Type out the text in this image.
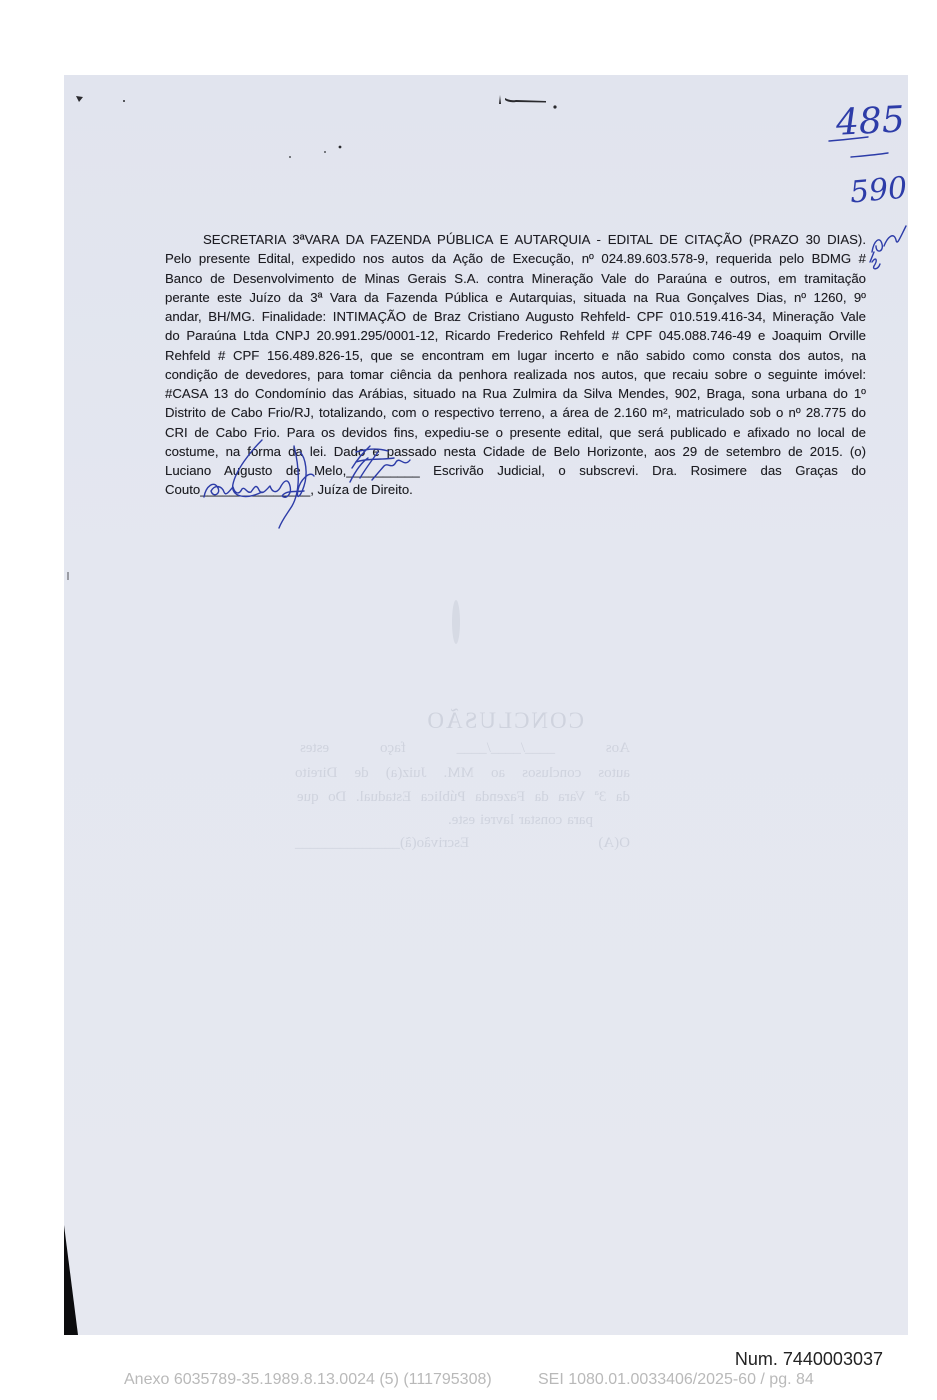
CONCLUSÃO
Aos ____/____/____ faço estes
autos conclusos ao MM. Juiz(a) de Direito
da 3ª Vara da Fazenda Pública Estadual. Do que
para constar lavrei este.
O(A) Escrivão(ã)______________
SECRETARIA 3ªVARA DA FAZENDA PÚBLICA E AUTARQUIA - EDITAL DE CITAÇÃO (PRAZO 30 DIAS).
Pelo presente Edital, expedido nos autos da Ação de Execução, nº 024.89.603.578-9, requerida pelo BDMG #
Banco de Desenvolvimento de Minas Gerais S.A. contra Mineração Vale do Paraúna e outros, em tramitação
perante este Juízo da 3ª Vara da Fazenda Pública e Autarquias, situada na Rua Gonçalves Dias, nº 1260, 9º
andar, BH/MG. Finalidade: INTIMAÇÃO de Braz Cristiano Augusto Rehfeld- CPF 010.519.416-34, Mineração Vale
do Paraúna Ltda CNPJ 20.991.295/0001-12, Ricardo Frederico Rehfeld # CPF 045.088.746-49 e Joaquim Orville
Rehfeld # CPF 156.489.826-15, que se encontram em lugar incerto e não sabido como consta dos autos, na
condição de devedores, para tomar ciência da penhora realizada nos autos, que recaiu sobre o seguinte imóvel:
#CASA 13 do Condomínio das Arábias, situado na Rua Zulmira da Silva Mendes, 902, Braga, sona urbana do 1º
Distrito de Cabo Frio/RJ, totalizando, com o respectivo terreno, a área de 2.160 m², matriculado sob o nº 28.775 do
CRI de Cabo Frio. Para os devidos fins, expediu-se o presente edital, que será publicado e afixado no local de
costume, na forma da lei. Dado e passado nesta Cidade de Belo Horizonte, aos 29 de setembro de 2015. (o)
Luciano Augusto de Melo,__________ Escrivão Judicial, o subscrevi. Dra. Rosimere das Graças do
Couto_______________, Juíza de Direito.
485
590
Num. 7440003037
Anexo 6035789-35.1989.8.13.0024 (5) (111795308)	SEI 1080.01.0033406/2025-60 / pg. 84
